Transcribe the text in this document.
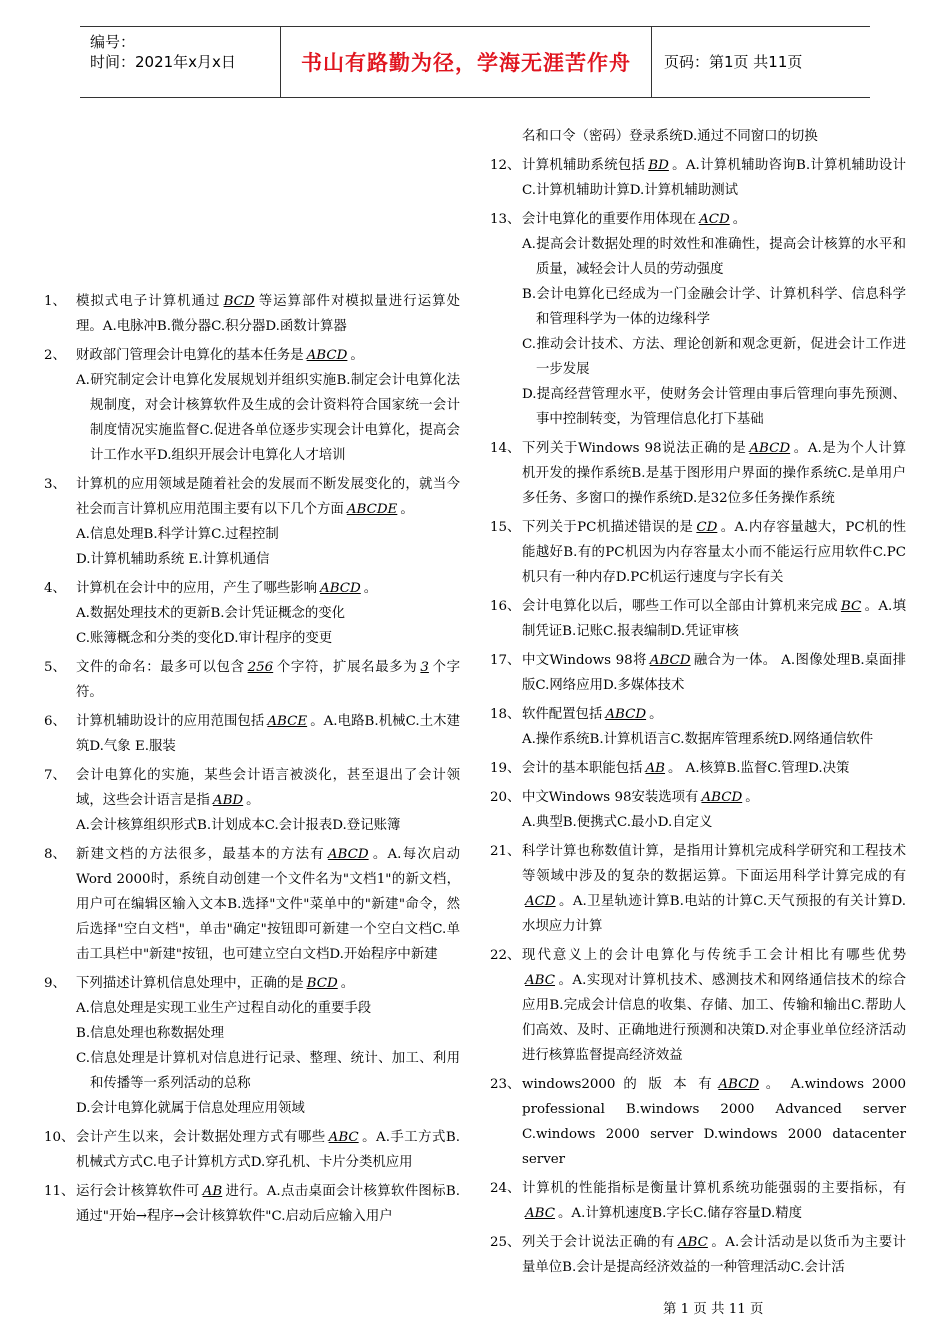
编号：
时间：2021年x月x日	书山有路勤为径，学海无涯苦作舟	页码：第1页 共11页
1、 模拟式电子计算机通过 BCD 等运算部件对模拟量进行运算处理。A.电脉冲B.微分器C.积分器D.函数计算器
2、 财政部门管理会计电算化的基本任务是 ABCD 。
A.研究制定会计电算化发展规划并组织实施B.制定会计电算化法规制度，对会计核算软件及生成的会计资料符合国家统一会计制度情况实施监督C.促进各单位逐步实现会计电算化，提高会计工作水平D.组织开展会计电算化人才培训
3、 计算机的应用领域是随着社会的发展而不断发展变化的，就当今社会而言计算机应用范围主要有以下几个方面 ABCDE 。
A.信息处理B.科学计算C.过程控制
D.计算机辅助系统 E.计算机通信
4、 计算机在会计中的应用，产生了哪些影响 ABCD 。
A.数据处理技术的更新B.会计凭证概念的变化
C.账簿概念和分类的变化D.审计程序的变更
5、 文件的命名：最多可以包含 256 个字符，扩展名最多为 3 个字符。
6、 计算机辅助设计的应用范围包括 ABCE 。A.电路B.机械C.土木建筑D.气象 E.服装
7、 会计电算化的实施，某些会计语言被淡化，甚至退出了会计领域，这些会计语言是指 ABD 。
A.会计核算组织形式B.计划成本C.会计报表D.登记账簿
8、 新建文档的方法很多，最基本的方法有 ABCD 。A.每次启动Word 2000时，系统自动创建一个文件名为"文档1"的新文档，用户可在编辑区输入文本B.选择"文件"菜单中的"新建"命令，然后选择"空白文档"，单击"确定"按钮即可新建一个空白文档C.单击工具栏中"新建"按钮，也可建立空白文档D.开始程序中新建
9、 下列描述计算机信息处理中，正确的是 BCD 。
A.信息处理是实现工业生产过程自动化的重要手段
B.信息处理也称数据处理
C.信息处理是计算机对信息进行记录、整理、统计、加工、利用和传播等一系列活动的总称
D.会计电算化就属于信息处理应用领域
10、 会计产生以来，会计数据处理方式有哪些 ABC 。A.手工方式B.机械式方式C.电子计算机方式D.穿孔机、卡片分类机应用
11、 运行会计核算软件可 AB 进行。A.点击桌面会计核算软件图标B.通过"开始→程序→会计核算软件"C.启动后应输入用户
名和口令（密码）登录系统D.通过不同窗口的切换
12、 计算机辅助系统包括 BD 。A.计算机辅助咨询B.计算机辅助设计C.计算机辅助计算D.计算机辅助测试
13、 会计电算化的重要作用体现在 ACD 。
A.提高会计数据处理的时效性和准确性，提高会计核算的水平和质量，减轻会计人员的劳动强度
B.会计电算化已经成为一门金融会计学、计算机科学、信息科学和管理科学为一体的边缘科学
C.推动会计技术、方法、理论创新和观念更新，促进会计工作进一步发展
D.提高经营管理水平，使财务会计管理由事后管理向事先预测、事中控制转变，为管理信息化打下基础
14、 下列关于Windows 98说法正确的是 ABCD 。A.是为个人计算机开发的操作系统B.是基于图形用户界面的操作系统C.是单用户多任务、多窗口的操作系统D.是32位多任务操作系统
15、 下列关于PC机描述错误的是 CD 。A.内存容量越大，PC机的性能越好B.有的PC机因为内存容量太小而不能运行应用软件C.PC机只有一种内存D.PC机运行速度与字长有关
16、 会计电算化以后，哪些工作可以全部由计算机来完成 BC 。A.填制凭证B.记账C.报表编制D.凭证审核
17、 中文Windows 98将 ABCD 融合为一体。 A.图像处理B.桌面排版C.网络应用D.多媒体技术
18、 软件配置包括 ABCD 。
A.操作系统B.计算机语言C.数据库管理系统D.网络通信软件
19、 会计的基本职能包括 AB 。 A.核算B.监督C.管理D.决策
20、 中文Windows 98安装选项有 ABCD 。
A.典型B.便携式C.最小D.自定义
21、 科学计算也称数值计算，是指用计算机完成科学研究和工程技术等领域中涉及的复杂的数据运算。下面运用科学计算完成的有ACD 。A.卫星轨迹计算B.电站的计算C.天气预报的有关计算D.水坝应力计算
22、 现代意义上的会计电算化与传统手工会计相比有哪些优势ABC 。A.实现对计算机技术、感测技术和网络通信技术的综合应用B.完成会计信息的收集、存储、加工、传输和输出C.帮助人们高效、及时、正确地进行预测和决策D.对企事业单位经济活动进行核算监督提高经济效益
23、 windows2000 的 版 本 有 ABCD 。 A.windows 2000 professional B.windows 2000 Advanced server C.windows 2000 server D.windows 2000 datacenter server
24、 计算机的性能指标是衡量计算机系统功能强弱的主要指标，有ABC 。A.计算机速度B.字长C.储存容量D.精度
25、 列关于会计说法正确的有 ABC 。A.会计活动是以货币为主要计量单位B.会计是提高经济效益的一种管理活动C.会计活
第 1 页 共 11 页
